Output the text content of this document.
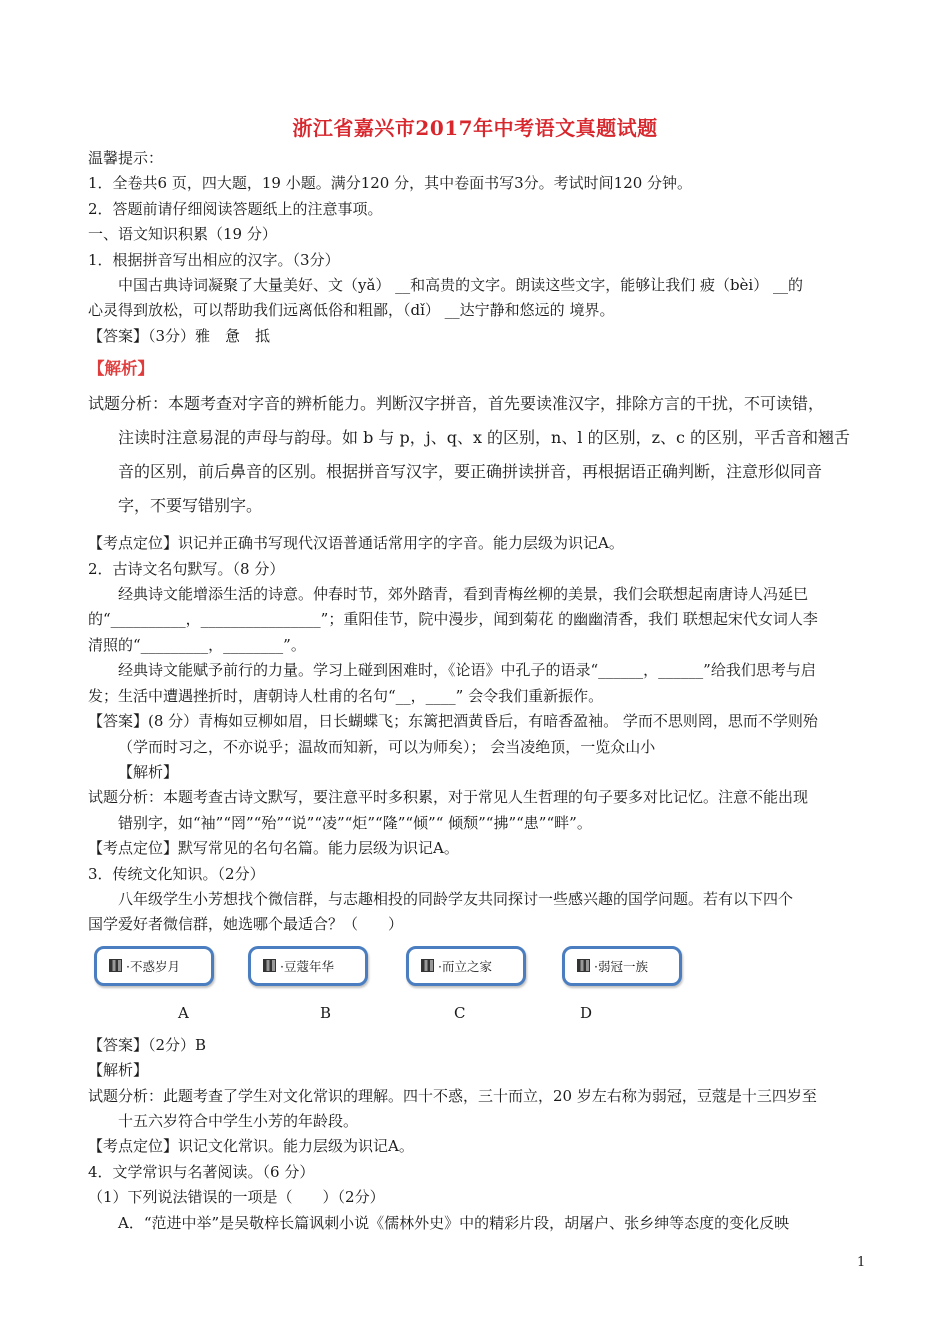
浙江省嘉兴市2017年中考语文真题试题
温馨提示：
1．全卷共6 页，四大题，19 小题。满分120 分，其中卷面书写3分。考试时间120 分钟。
2．答题前请仔细阅读答题纸上的注意事项。
一、语文知识积累（19 分）
1．根据拼音写出相应的汉字。（3分）
中国古典诗词凝聚了大量美好、文（yǎ） __和高贵的文字。朗读这些文字，能够让我们 疲（bèi） __的
心灵得到放松，可以帮助我们远离低俗和粗鄙，（dǐ） __达宁静和悠远的 境界。
【答案】（3分）雅　惫　抵
【解析】
试题分析：本题考查对字音的辨析能力。判断汉字拼音，首先要读准汉字，排除方言的干扰，不可读错，
注读时注意易混的声母与韵母。如 b 与 p，j、q、x 的区别，n、l 的区别，z、c 的区别，平舌音和翘舌
音的区别，前后鼻音的区别。根据拼音写汉字，要正确拼读拼音，再根据语正确判断，注意形似同音
字，不要写错别字。
【考点定位】识记并正确书写现代汉语普通话常用字的字音。能力层级为识记A。
2．古诗文名句默写。（8 分）
经典诗文能增添生活的诗意。仲春时节，郊外踏青，看到青梅丝柳的美景，我们会联想起南唐诗人冯延巳
的“__________，________________”；重阳佳节，院中漫步，闻到菊花 的幽幽清香，我们 联想起宋代女词人李
清照的“_________，________”。
经典诗文能赋予前行的力量。学习上碰到困难时，《论语》中孔子的语录“______，______”给我们思考与启
发；生活中遭遇挫折时，唐朝诗人杜甫的名句“__，____” 会令我们重新振作。
【答案】(8 分）青梅如豆柳如眉，日长蝴蝶飞；东篱把酒黄昏后，有暗香盈袖。 学而不思则罔，思而不学则殆
（学而时习之，不亦说乎；温故而知新，可以为师矣）； 会当凌绝顶，一览众山小
【解析】
试题分析：本题考查古诗文默写，要注意平时多积累，对于常见人生哲理的句子要多对比记忆。注意不能出现
错别字，如“袖”“罔”“殆”“说”“凌”“炬”“隆”“倾”“ 倾颓”“拂”“患”“畔”。
【考点定位】默写常见的名句名篇。能力层级为识记A。
3．传统文化知识。（2分）
八年级学生小芳想找个微信群，与志趣相投的同龄学友共同探讨一些感兴趣的国学问题。若有以下四个
国学爱好者微信群，她选哪个最适合？（　　）
·不惑岁月
A
·豆蔻年华
B
·而立之家
C
·弱冠一族
D
【答案】（2分）B
【解析】
试题分析：此题考查了学生对文化常识的理解。四十不惑，三十而立，20 岁左右称为弱冠，豆蔻是十三四岁至
十五六岁符合中学生小芳的年龄段。
【考点定位】识记文化常识。能力层级为识记A。
4．文学常识与名著阅读。（6 分）
（1）下列说法错误的一项是（　　）（2分）
A．“范进中举”是吴敬梓长篇讽刺小说《儒林外史》中的精彩片段，胡屠户、张乡绅等态度的变化反映
1
